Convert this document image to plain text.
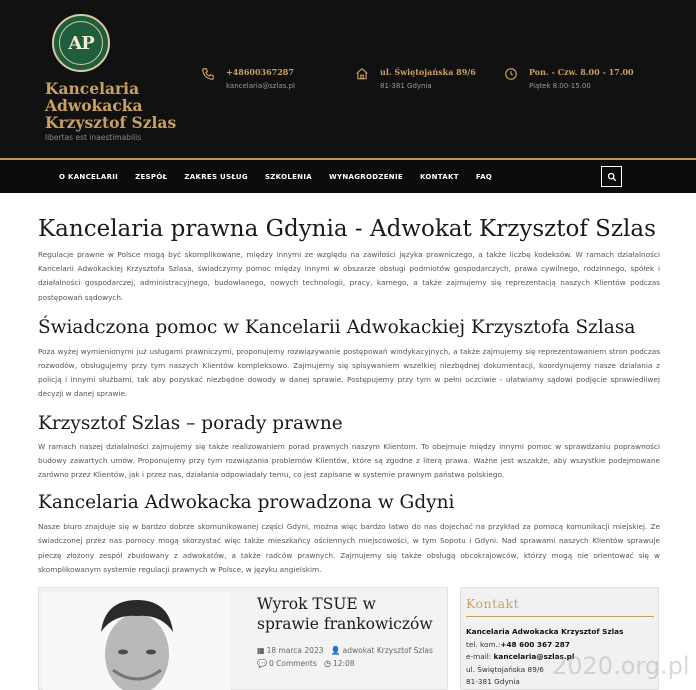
AP
Kancelaria
Adwokacka
Krzysztof Szlas
libertas est inaestimabilis
+48600367287
kancelaria@szlas.pl
ul. Świętojańska 89/6
81-381 Gdynia
Pon. - Czw. 8.00 - 17.00
Piątek 8.00-15.00
O KANCELARII ZESPÓŁ ZAKRES USŁUG SZKOLENIA WYNAGRODZENIE KONTAKT FAQ
Kancelaria prawna Gdynia - Adwokat Krzysztof Szlas

Regulacje prawne w Polsce mogą być skomplikowane, między innymi ze względu na zawiłości języka prawniczego, a także liczbę kodeksów. W ramach działalności Kancelarii Adwokackiej Krzysztofa Szlasa, świadczymy pomoc między innymi w obszarze obsługi podmiotów gospodarczych, prawa cywilnego, rodzinnego, spółek i działalności gospodarczej, administracyjnego, budowlanego, nowych technologii, pracy, karnego, a także zajmujemy się reprezentacją naszych Klientów podczas postępowań sądowych.

Świadczona pomoc w Kancelarii Adwokackiej Krzysztofa Szlasa

Poza wyżej wymienionymi już usługami prawniczymi, proponujemy rozwiązywanie postępowań windykacyjnych, a także zajmujemy się reprezentowaniem stron podczas rozwodów, obsługujemy przy tym naszych Klientów kompleksowo. Zajmujemy się spisywaniem wszelkiej niezbędnej dokumentacji, koordynujemy nasze działania z policją i innymi służbami, tak aby pozyskać niezbędne dowody w danej sprawie. Postępujemy przy tym w pełni uczciwie - ułatwiamy sądowi podjęcie sprawiedliwej decyzji w danej sprawie.

Krzysztof Szlas – porady prawne

W ramach naszej działalności zajmujemy się także realizowaniem porad prawnych naszym Klientom. To obejmuje między innymi pomoc w sprawdzaniu poprawności budowy zawartych umów. Proponujemy przy tym rozwiązania problemów Klientów, które są zgodne z literą prawa. Ważne jest wszakże, aby wszystkie podejmowane zarówno przez Klientów, jak i przez nas, działania odpowiadały temu, co jest zapisane w systemie prawnym państwa polskiego.

Kancelaria Adwokacka prowadzona w Gdyni

Nasze biuro znajduje się w bardzo dobrze skomunikowanej części Gdyni, można więc bardzo łatwo do nas dojechać na przykład za pomocą komunikacji miejskiej. Ze świadczonej przez nas pomocy mogą skorzystać więc także mieszkańcy ościennych miejscowości, w tym Sopotu i Gdyni. Nad sprawami naszych Klientów sprawuje pieczę złożony zespół zbudowany z adwokatów, a także radców prawnych. Zajmujemy się także obsługą obcokrajowców, którzy mogą nie orientować się w skomplikowanym systemie regulacji prawnych w Polsce, w języku angielskim.

Wyrok TSUE w sprawie frankowiczów
▦ 18 marca 2023 👤 adwokat Krzysztof Szlas
💬 0 Comments ◷ 12:08
Kontakt
Kancelaria Adwokacka Krzysztof Szlas
tel. kom.:+48 600 367 287
e-mail: kancelaria@szlas.pl
ul. Świętojańska 89/6
81-381 Gdynia
2020.org.pl
